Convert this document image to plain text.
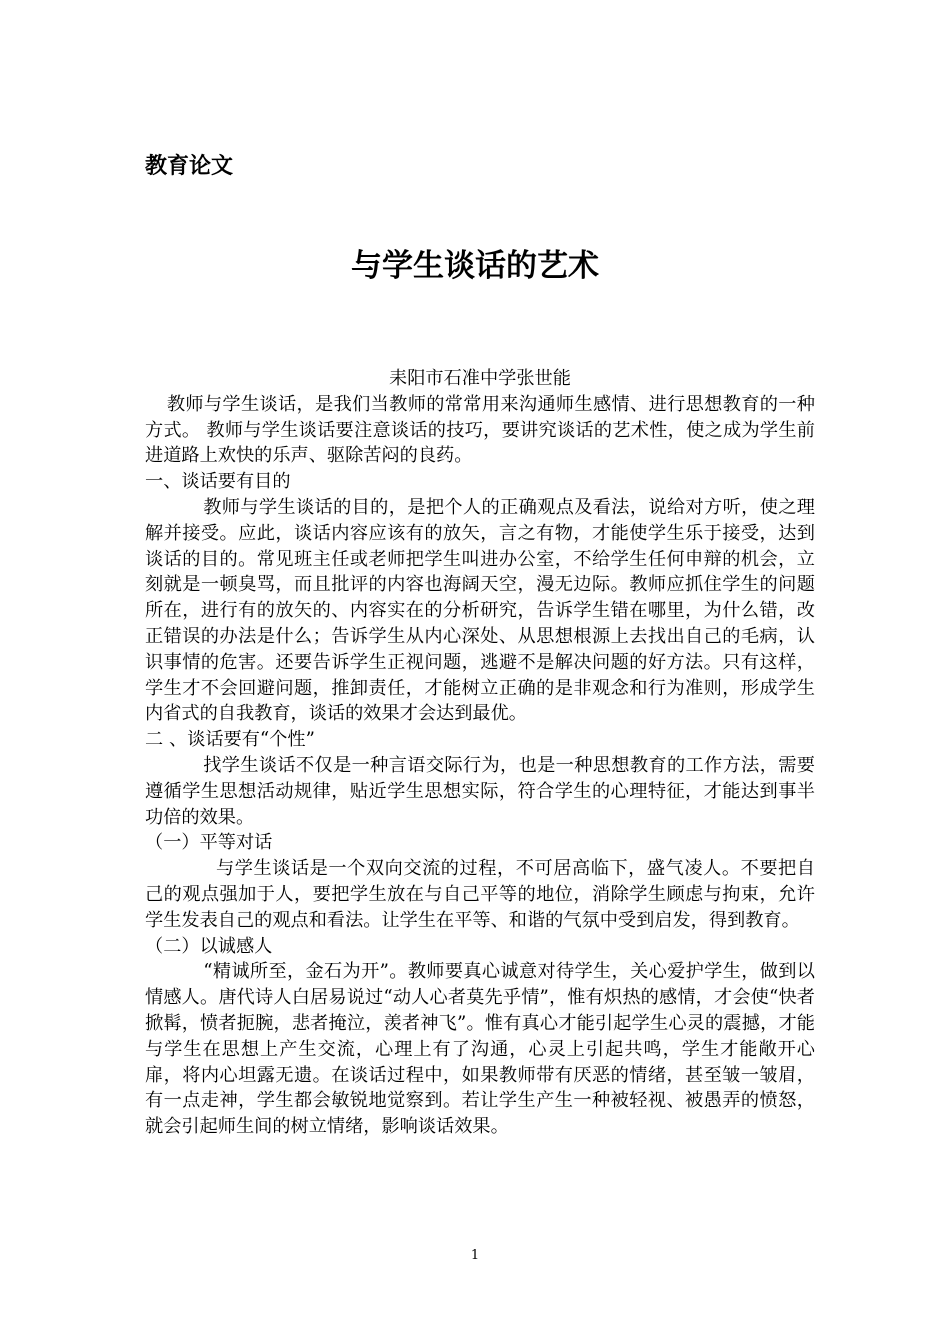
教育论文
与学生谈话的艺术

耒阳市石准中学张世能

教师与学生谈话，是我们当教师的常常用来沟通师生感情、进行思想教育的一种方式。 教师与学生谈话要注意谈话的技巧，要讲究谈话的艺术性，使之成为学生前进道路上欢快的乐声、驱除苦闷的良药。

一、谈话要有目的

教师与学生谈话的目的，是把个人的正确观点及看法，说给对方听，使之理解并接受。应此，谈话内容应该有的放矢，言之有物，才能使学生乐于接受，达到谈话的目的。常见班主任或老师把学生叫进办公室，不给学生任何申辩的机会，立刻就是一顿臭骂，而且批评的内容也海阔天空，漫无边际。教师应抓住学生的问题所在，进行有的放矢的、内容实在的分析研究，告诉学生错在哪里，为什么错，改正错误的办法是什么；告诉学生从内心深处、从思想根源上去找出自己的毛病，认识事情的危害。还要告诉学生正视问题，逃避不是解决问题的好方法。只有这样，学生才不会回避问题，推卸责任，才能树立正确的是非观念和行为准则，形成学生内省式的自我教育，谈话的效果才会达到最优。

二 、谈话要有“个性”

找学生谈话不仅是一种言语交际行为，也是一种思想教育的工作方法，需要遵循学生思想活动规律，贴近学生思想实际，符合学生的心理特征，才能达到事半功倍的效果。

（一）平等对话

与学生谈话是一个双向交流的过程，不可居高临下，盛气凌人。不要把自己的观点强加于人，要把学生放在与自己平等的地位，消除学生顾虑与拘束，允许学生发表自己的观点和看法。让学生在平等、和谐的气氛中受到启发，得到教育。

（二）以诚感人

“精诚所至，金石为开”。教师要真心诚意对待学生，关心爱护学生，做到以情感人。唐代诗人白居易说过“动人心者莫先乎情”，惟有炽热的感情，才会使“快者掀髯，愤者扼腕，悲者掩泣，羡者神飞”。惟有真心才能引起学生心灵的震撼，才能与学生在思想上产生交流，心理上有了沟通，心灵上引起共鸣，学生才能敞开心扉，将内心坦露无遗。在谈话过程中，如果教师带有厌恶的情绪，甚至皱一皱眉，有一点走神，学生都会敏锐地觉察到。若让学生产生一种被轻视、被愚弄的愤怒，就会引起师生间的树立情绪，影响谈话效果。

1
